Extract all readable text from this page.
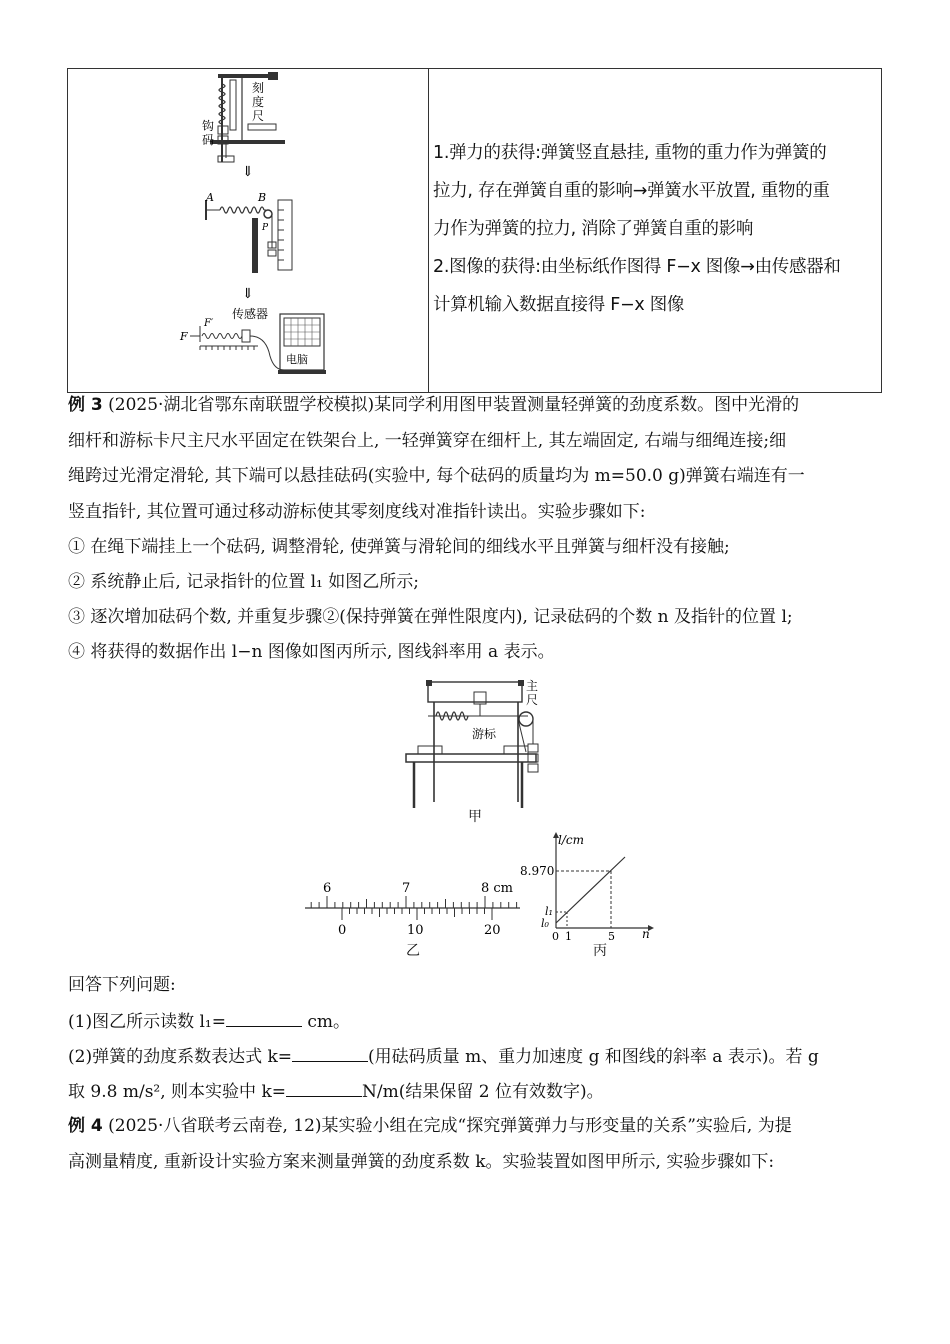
刻
度
尺
钩
码
⇓
A	B
P
⇓
传感器
F′
F
电脑
1.弹力的获得:弹簧竖直悬挂, 重物的重力作为弹簧的
拉力, 存在弹簧自重的影响→弹簧水平放置, 重物的重
力作为弹簧的拉力, 消除了弹簧自重的影响
2.图像的获得:由坐标纸作图得 F−x 图像→由传感器和
计算机输入数据直接得 F−x 图像
例 3 (2025·湖北省鄂东南联盟学校模拟)某同学利用图甲装置测量轻弹簧的劲度系数。图中光滑的
细杆和游标卡尺主尺水平固定在铁架台上, 一轻弹簧穿在细杆上, 其左端固定, 右端与细绳连接;细
绳跨过光滑定滑轮, 其下端可以悬挂砝码(实验中, 每个砝码的质量均为 m=50.0 g)弹簧右端连有一
竖直指针, 其位置可通过移动游标使其零刻度线对准指针读出。实验步骤如下:
① 在绳下端挂上一个砝码, 调整滑轮, 使弹簧与滑轮间的细线水平且弹簧与细杆没有接触;
② 系统静止后, 记录指针的位置 l₁ 如图乙所示;
③ 逐次增加砝码个数, 并重复步骤②(保持弹簧在弹性限度内), 记录砝码的个数 n 及指针的位置 l;
④ 将获得的数据作出 l−n 图像如图丙所示, 图线斜率用 a 表示。
主
尺
游标
甲
6	7	8 cm
0	10	20
乙
l/cm
n
8.970
l₁
l₀
0 1	5
丙
回答下列问题:
(1)图乙所示读数 l₁=	cm。
(2)弹簧的劲度系数表达式 k=	(用砝码质量 m、重力加速度 g 和图线的斜率 a 表示)。若 g
取 9.8 m/s², 则本实验中 k=	N/m(结果保留 2 位有效数字)。
例 4 (2025·八省联考云南卷, 12)某实验小组在完成“探究弹簧弹力与形变量的关系”实验后, 为提
高测量精度, 重新设计实验方案来测量弹簧的劲度系数 k。实验装置如图甲所示, 实验步骤如下:
